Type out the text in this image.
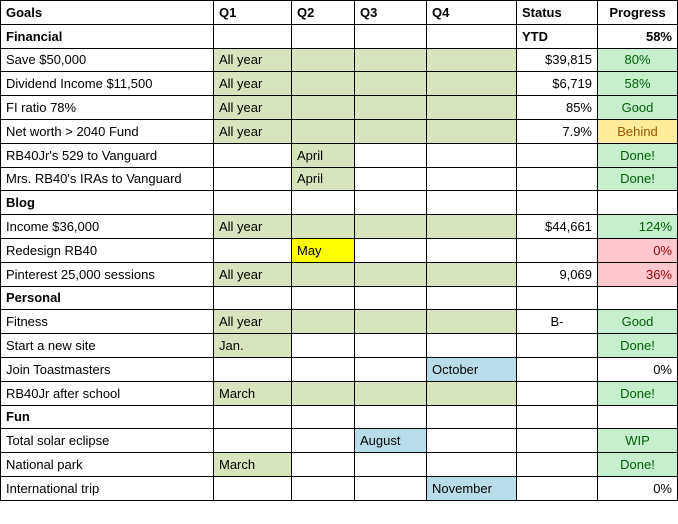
Goals	Q1	Q2	Q3	Q4	Status	Progress
Financial					YTD	58%
Save $50,000	All year				$39,815	80%
Dividend Income $11,500	All year				$6,719	58%
FI ratio 78%	All year				85%	Good
Net worth > 2040 Fund	All year				7.9%	Behind
RB40Jr's 529 to Vanguard		April				Done!
Mrs. RB40's IRAs to Vanguard		April				Done!
Blog						
Income $36,000	All year				$44,661	124%
Redesign RB40		May				0%
Pinterest 25,000 sessions	All year				9,069	36%
Personal						
Fitness	All year				B-	Good
Start a new site	Jan.					Done!
Join Toastmasters				October		0%
RB40Jr after school	March					Done!
Fun						
Total solar eclipse			August			WIP
National park	March					Done!
International trip				November		0%
